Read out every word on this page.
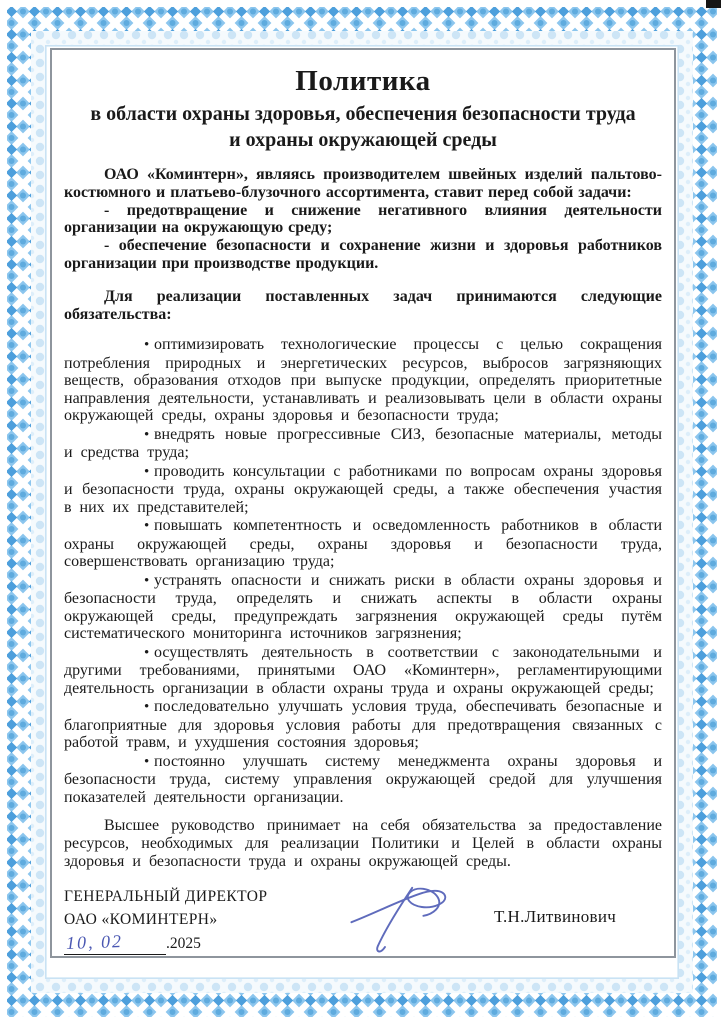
Политика
в области охраны здоровья, обеспечения безопасности труда
и охраны окружающей среды

ОАО «Коминтерн», являясь производителем швейных изделий пальтово-костюмного и платьево-блузочного ассортимента, ставит перед собой задачи:

- предотвращение и снижение негативного влияния деятельности организации на окружающую среду;

- обеспечение безопасности и сохранение жизни и здоровья работников организации при производстве продукции.

Для реализации поставленных задач принимаются следующие обязательства:

• оптимизировать технологические процессы с целью сокращения потребления природных и энергетических ресурсов, выбросов загрязняющих веществ, образования отходов при выпуске продукции, определять приоритетные направления деятельности, устанавливать и реализовывать цели в области охраны окружающей среды, охраны здоровья и безопасности труда;
• внедрять новые прогрессивные СИЗ, безопасные материалы, методы и средства труда;
• проводить консультации с работниками по вопросам охраны здоровья и безопасности труда, охраны окружающей среды, а также обеспечения участия в них их представителей;
• повышать компетентность и осведомленность работников в области охраны окружающей среды, охраны здоровья и безопасности труда, совершенствовать организацию труда;
• устранять опасности и снижать риски в области охраны здоровья и безопасности труда, определять и снижать аспекты в области охраны окружающей среды, предупреждать загрязнения окружающей среды путём систематического мониторинга источников загрязнения;
• осуществлять деятельность в соответствии с законодательными и другими требованиями, принятыми ОАО «Коминтерн», регламентирующими деятельность организации в области охраны труда и охраны окружающей среды;
• последовательно улучшать условия труда, обеспечивать безопасные и благоприятные для здоровья условия работы для предотвращения связанных с работой травм, и ухудшения состояния здоровья;
• постоянно улучшать систему менеджмента охраны здоровья и безопасности труда, систему управления окружающей средой для улучшения показателей деятельности организации.

Высшее руководство принимает на себя обязательства за предоставление ресурсов, необходимых для реализации Политики и Целей в области охраны здоровья и безопасности труда и охраны окружающей среды.

ГЕНЕРАЛЬНЫЙ ДИРЕКТОР
ОАО «КОМИНТЕРН»
10, 02	.2025
Т.Н.Литвинович
